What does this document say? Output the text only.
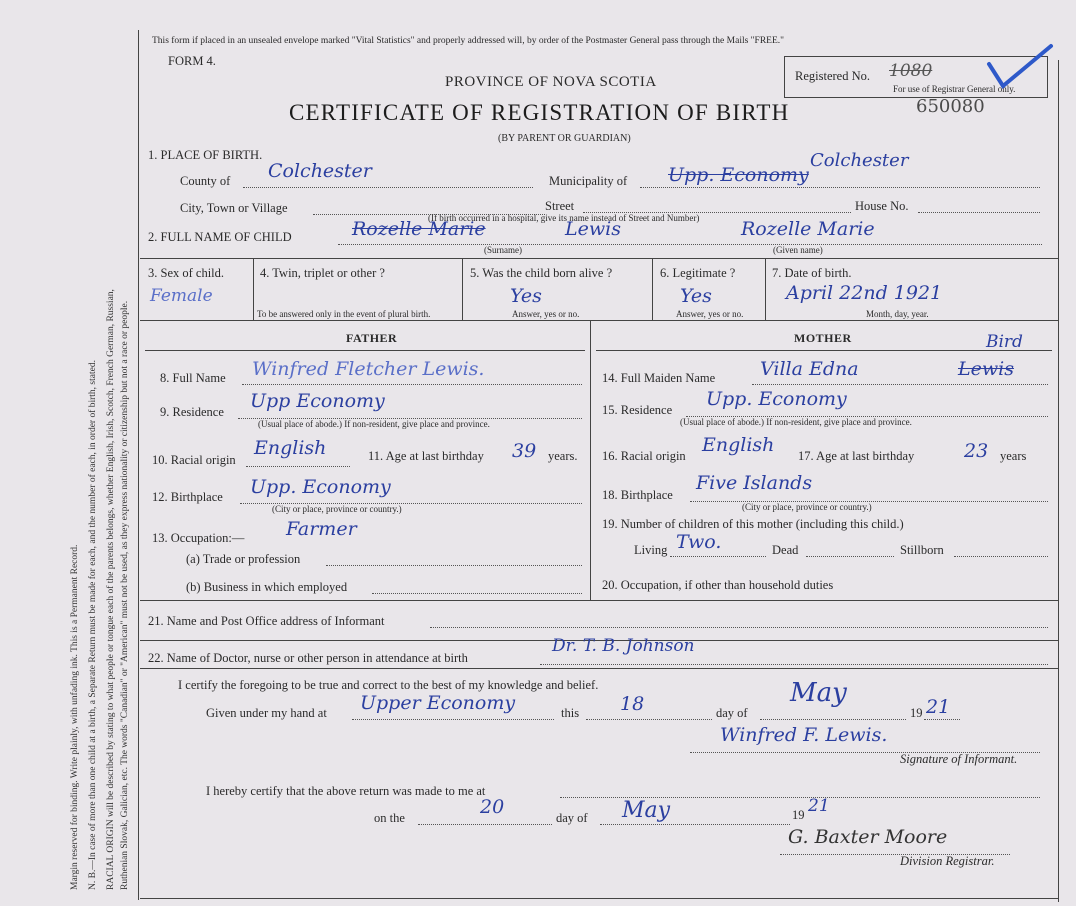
Margin reserved for binding. Write plainly, with unfading ink. This is a Permanent Record. N. B.—In case of more than one child at a birth, a Separate Return must be made for each, and the number of each, in order of birth, stated. RACIAL ORIGIN will be described by stating to what people or tongue each of the parents belongs, whether English, Irish, Scotch, French German, Russian, Ruthenian Slovak, Galician, etc. The words "Canadian" or "American" must not be used, as they express nationality or citizenship but not a race or people.
This form if placed in an unsealed envelope marked "Vital Statistics" and properly addressed will, by order of the Postmaster General pass through the Mails "FREE."
FORM 4.
PROVINCE OF NOVA SCOTIA
CERTIFICATE OF REGISTRATION OF BIRTH
(BY PARENT OR GUARDIAN)
Registered No. 1080
For use of Registrar General only.
650080
1. PLACE OF BIRTH.
County of Colchester	Municipality of Upp. Economy
Colchester
City, Town or Village	Street	House No.
(If birth occurred in a hospital, give its name instead of Street and Number)
2. FULL NAME OF CHILD	Rozelle Marie	Lewis	Rozelle Marie
(Surname)	(Given name)
3. Sex of child.
Female
4. Twin, triplet or other ?
To be answered only in the event of plural birth.
5. Was the child born alive ?
Yes
Answer, yes or no.
6. Legitimate ?
Yes
Answer, yes or no.
7. Date of birth.
April 22nd 1921
Month, day, year.
FATHER	MOTHER
8. Full Name Winfred Fletcher Lewis.
9. Residence Upp Economy
(Usual place of abode.) If non-resident, give place and province.
10. Racial origin
English	11. Age at last birthday 39 years.
12. Birthplace Upp. Economy
(City or place, province or country.)
13. Occupation:— Farmer
(a) Trade or profession
(b) Business in which employed
14. Full Maiden Name Villa Edna	Lewis
Bird
15. Residence Upp. Economy
(Usual place of abode.) If non-resident, give place and province.
16. Racial origin English 17. Age at last birthday	23 years
18. Birthplace
Five Islands
(City or place, province or country.)
19. Number of children of this mother (including this child.)
Living Two.	Dead	Stillborn
20. Occupation, if other than household duties
21. Name and Post Office address of Informant
22. Name of Doctor, nurse or other person in attendance at birth
Dr. T. B. Johnson
I certify the foregoing to be true and correct to the best of my knowledge and belief.
Given under my hand at Upper Economy	this 18	day of
May
19 21
Winfred F. Lewis.
Signature of Informant.
I hereby certify that the above return was made to me at
on the	20	day of May	19 21
G. Baxter Moore
Division Registrar.
